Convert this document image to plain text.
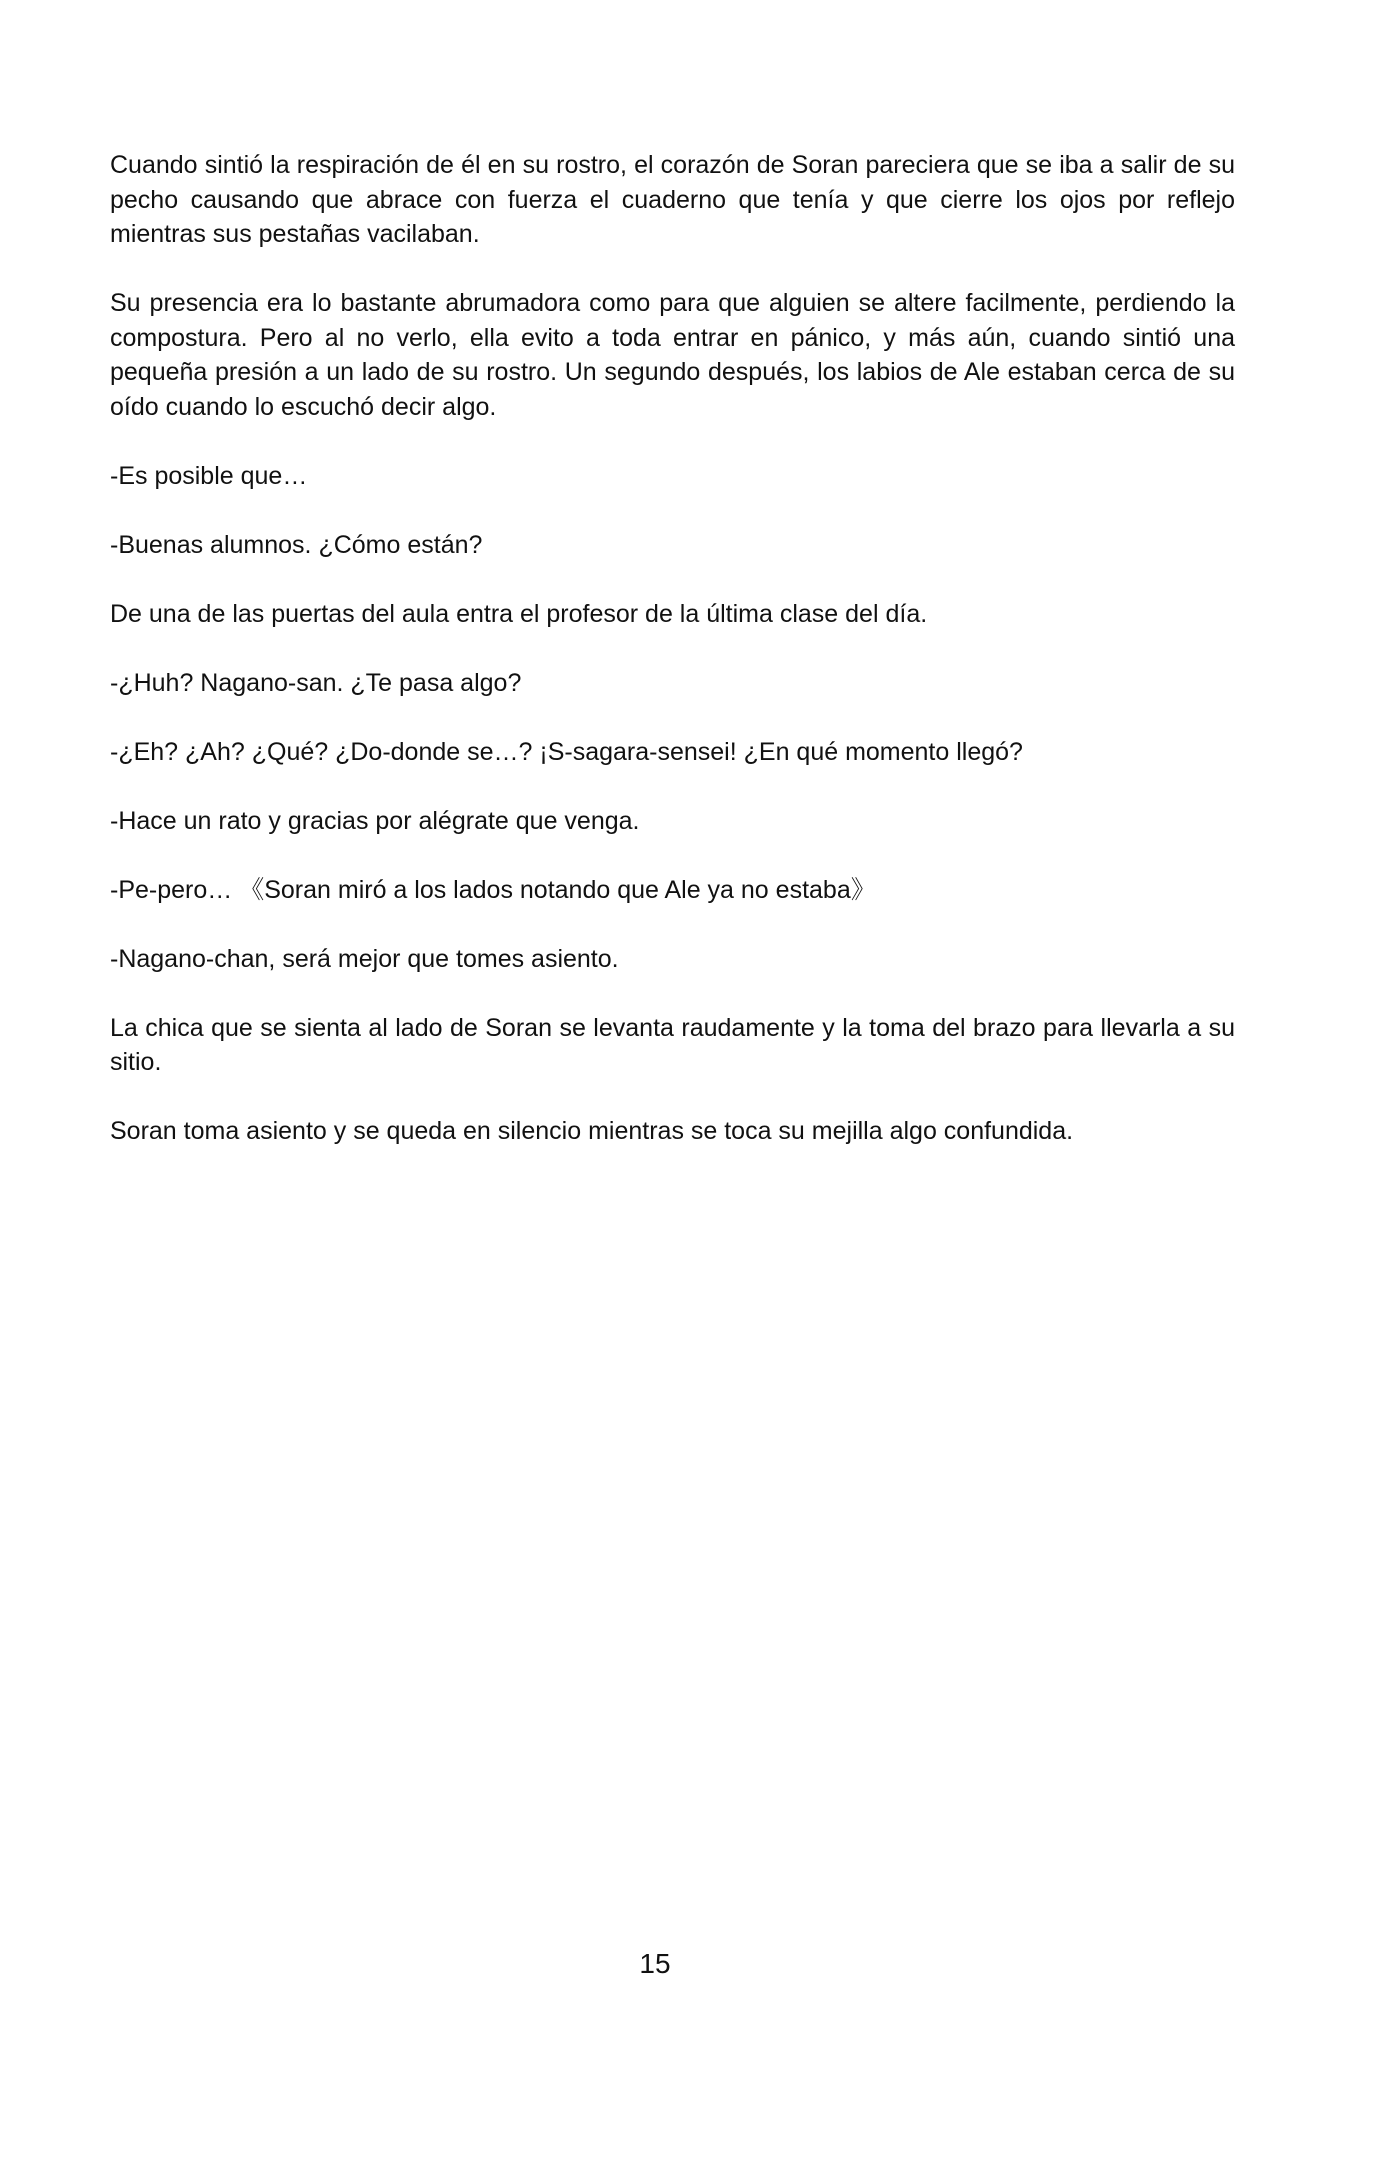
Cuando sintió la respiración de él en su rostro, el corazón de Soran pareciera que se iba a salir de su pecho causando que abrace con fuerza el cuaderno que tenía y que cierre los ojos por reflejo mientras sus pestañas vacilaban.

Su presencia era lo bastante abrumadora como para que alguien se altere facilmente, perdiendo la compostura. Pero al no verlo, ella evito a toda entrar en pánico, y más aún, cuando sintió una pequeña presión a un lado de su rostro. Un segundo después, los labios de Ale estaban cerca de su oído cuando lo escuchó decir algo.

-Es posible que…

-Buenas alumnos. ¿Cómo están?

De una de las puertas del aula entra el profesor de la última clase del día.

-¿Huh? Nagano-san. ¿Te pasa algo?

-¿Eh? ¿Ah? ¿Qué? ¿Do-donde se…? ¡S-sagara-sensei! ¿En qué momento llegó?

-Hace un rato y gracias por alégrate que venga.

-Pe-pero… 《Soran miró a los lados notando que Ale ya no estaba》

-Nagano-chan, será mejor que tomes asiento.

La chica que se sienta al lado de Soran se levanta raudamente y la toma del brazo para llevarla a su sitio.

Soran toma asiento y se queda en silencio mientras se toca su mejilla algo confundida.

15
